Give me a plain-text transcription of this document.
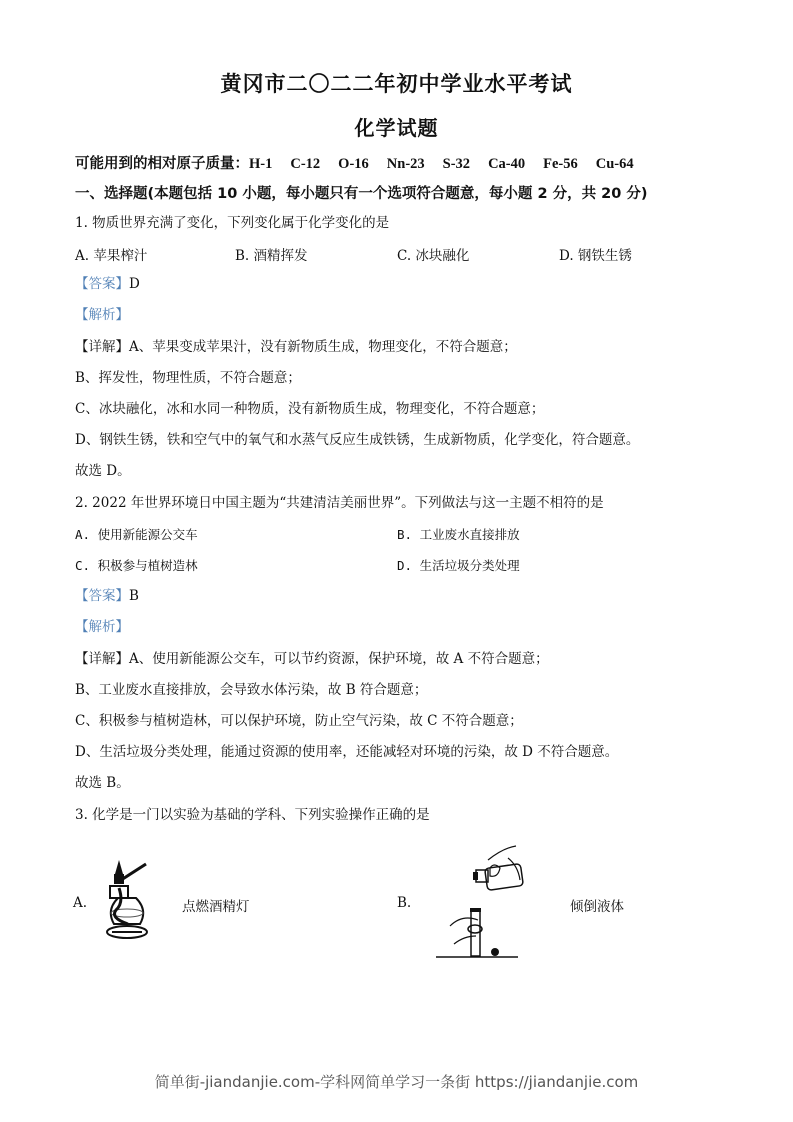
黄冈市二〇二二年初中学业水平考试
化学试题
可能用到的相对原子质量：H-1 C-12 O-16 Nn-23 S-32 Ca-40 Fe-56 Cu-64
一、选择题(本题包括 10 小题，每小题只有一个选项符合题意，每小题 2 分，共 20 分)
1. 物质世界充满了变化，下列变化属于化学变化的是
A. 苹果榨汁	B. 酒精挥发	C. 冰块融化	D. 钢铁生锈
【答案】D
【解析】
【详解】A、苹果变成苹果汁，没有新物质生成，物理变化，不符合题意；
B、挥发性，物理性质，不符合题意；
C、冰块融化，冰和水同一种物质，没有新物质生成，物理变化，不符合题意；
D、钢铁生锈，铁和空气中的氧气和水蒸气反应生成铁锈，生成新物质，化学变化，符合题意。
故选 D。
2. 2022 年世界环境日中国主题为“共建清洁美丽世界”。下列做法与这一主题不相符的是
A. 使用新能源公交车	B. 工业废水直接排放
C. 积极参与植树造林	D. 生活垃圾分类处理
【答案】B
【解析】
【详解】A、使用新能源公交车，可以节约资源，保护环境，故 A 不符合题意；
B、工业废水直接排放，会导致水体污染，故 B 符合题意；
C、积极参与植树造林，可以保护环境，防止空气污染，故 C 不符合题意；
D、生活垃圾分类处理，能通过资源的使用率，还能减轻对环境的污染，故 D 不符合题意。
故选 B。
3. 化学是一门以实验为基础的学科、下列实验操作正确的是
A.	点燃酒精灯	B.	倾倒液体
简单街-jiandanjie.com-学科网简单学习一条街 https://jiandanjie.com
